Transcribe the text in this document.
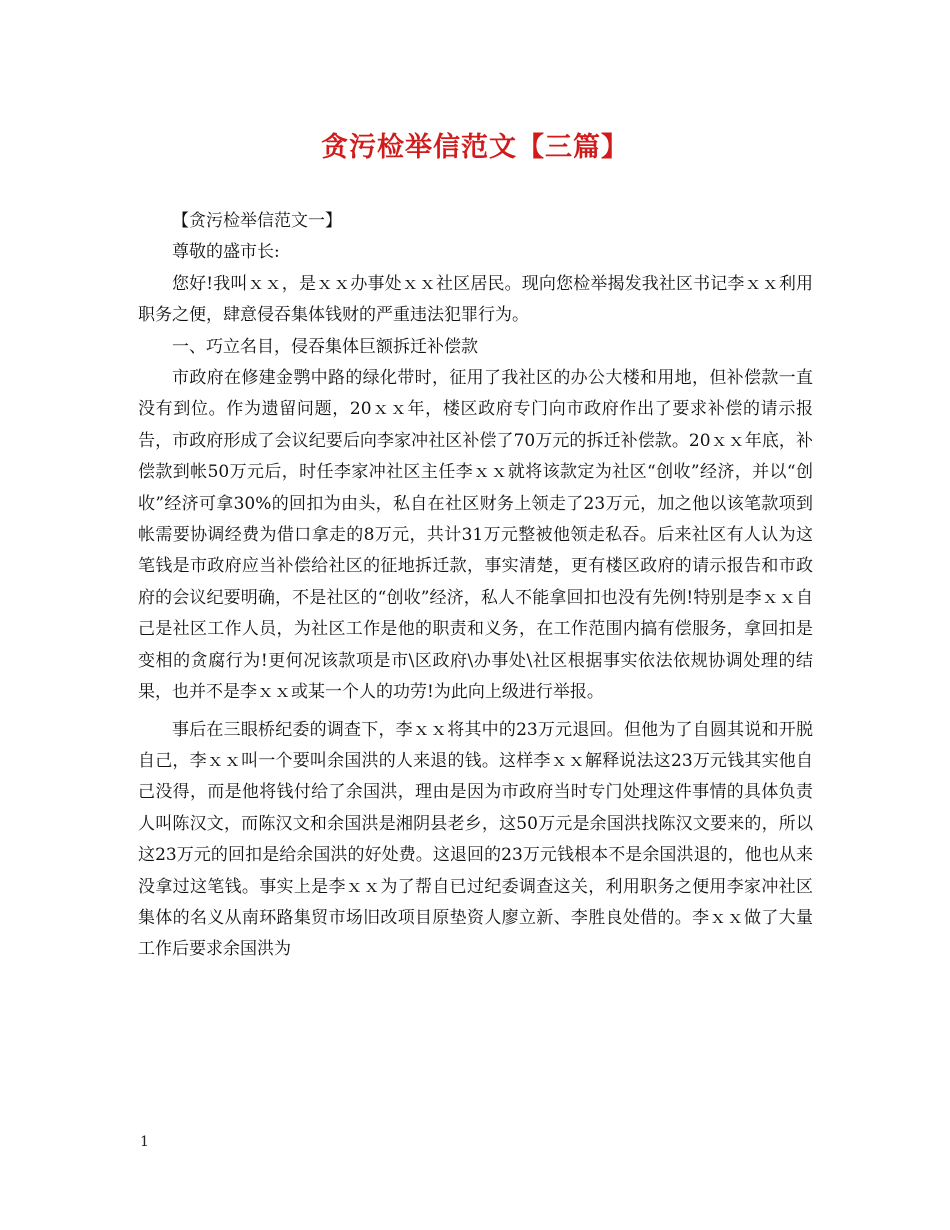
贪污检举信范文【三篇】

【贪污检举信范文一】

尊敬的盛市长:

您好!我叫ｘｘ，是ｘｘ办事处ｘｘ社区居民。现向您检举揭发我社区书记李ｘｘ利用职务之便，肆意侵吞集体钱财的严重违法犯罪行为。

一、巧立名目，侵吞集体巨额拆迁补偿款

市政府在修建金鹗中路的绿化带时，征用了我社区的办公大楼和用地，但补偿款一直没有到位。作为遗留问题，20ｘｘ年，楼区政府专门向市政府作出了要求补偿的请示报告，市政府形成了会议纪要后向李家冲社区补偿了70万元的拆迁补偿款。20ｘｘ年底，补偿款到帐50万元后，时任李家冲社区主任李ｘｘ就将该款定为社区“创收”经济，并以“创收”经济可拿30%的回扣为由头，私自在社区财务上领走了23万元，加之他以该笔款项到帐需要协调经费为借口拿走的8万元，共计31万元整被他领走私吞。后来社区有人认为这笔钱是市政府应当补偿给社区的征地拆迁款，事实清楚，更有楼区政府的请示报告和市政府的会议纪要明确，不是社区的“创收”经济，私人不能拿回扣也没有先例!特别是李ｘｘ自己是社区工作人员，为社区工作是他的职责和义务，在工作范围内搞有偿服务，拿回扣是变相的贪腐行为!更何况该款项是市\区政府\办事处\社区根据事实依法依规协调处理的结果，也并不是李ｘｘ或某一个人的功劳!为此向上级进行举报。

事后在三眼桥纪委的调查下，李ｘｘ将其中的23万元退回。但他为了自圆其说和开脱自己，李ｘｘ叫一个要叫余国洪的人来退的钱。这样李ｘｘ解释说法这23万元钱其实他自己没得，而是他将钱付给了余国洪，理由是因为市政府当时专门处理这件事情的具体负责人叫陈汉文，而陈汉文和余国洪是湘阴县老乡，这50万元是余国洪找陈汉文要来的，所以这23万元的回扣是给余国洪的好处费。这退回的23万元钱根本不是余国洪退的，他也从来没拿过这笔钱。事实上是李ｘｘ为了帮自已过纪委调查这关，利用职务之便用李家冲社区集体的名义从南环路集贸市场旧改项目原垫资人廖立新、李胜良处借的。李ｘｘ做了大量工作后要求余国洪为

1
